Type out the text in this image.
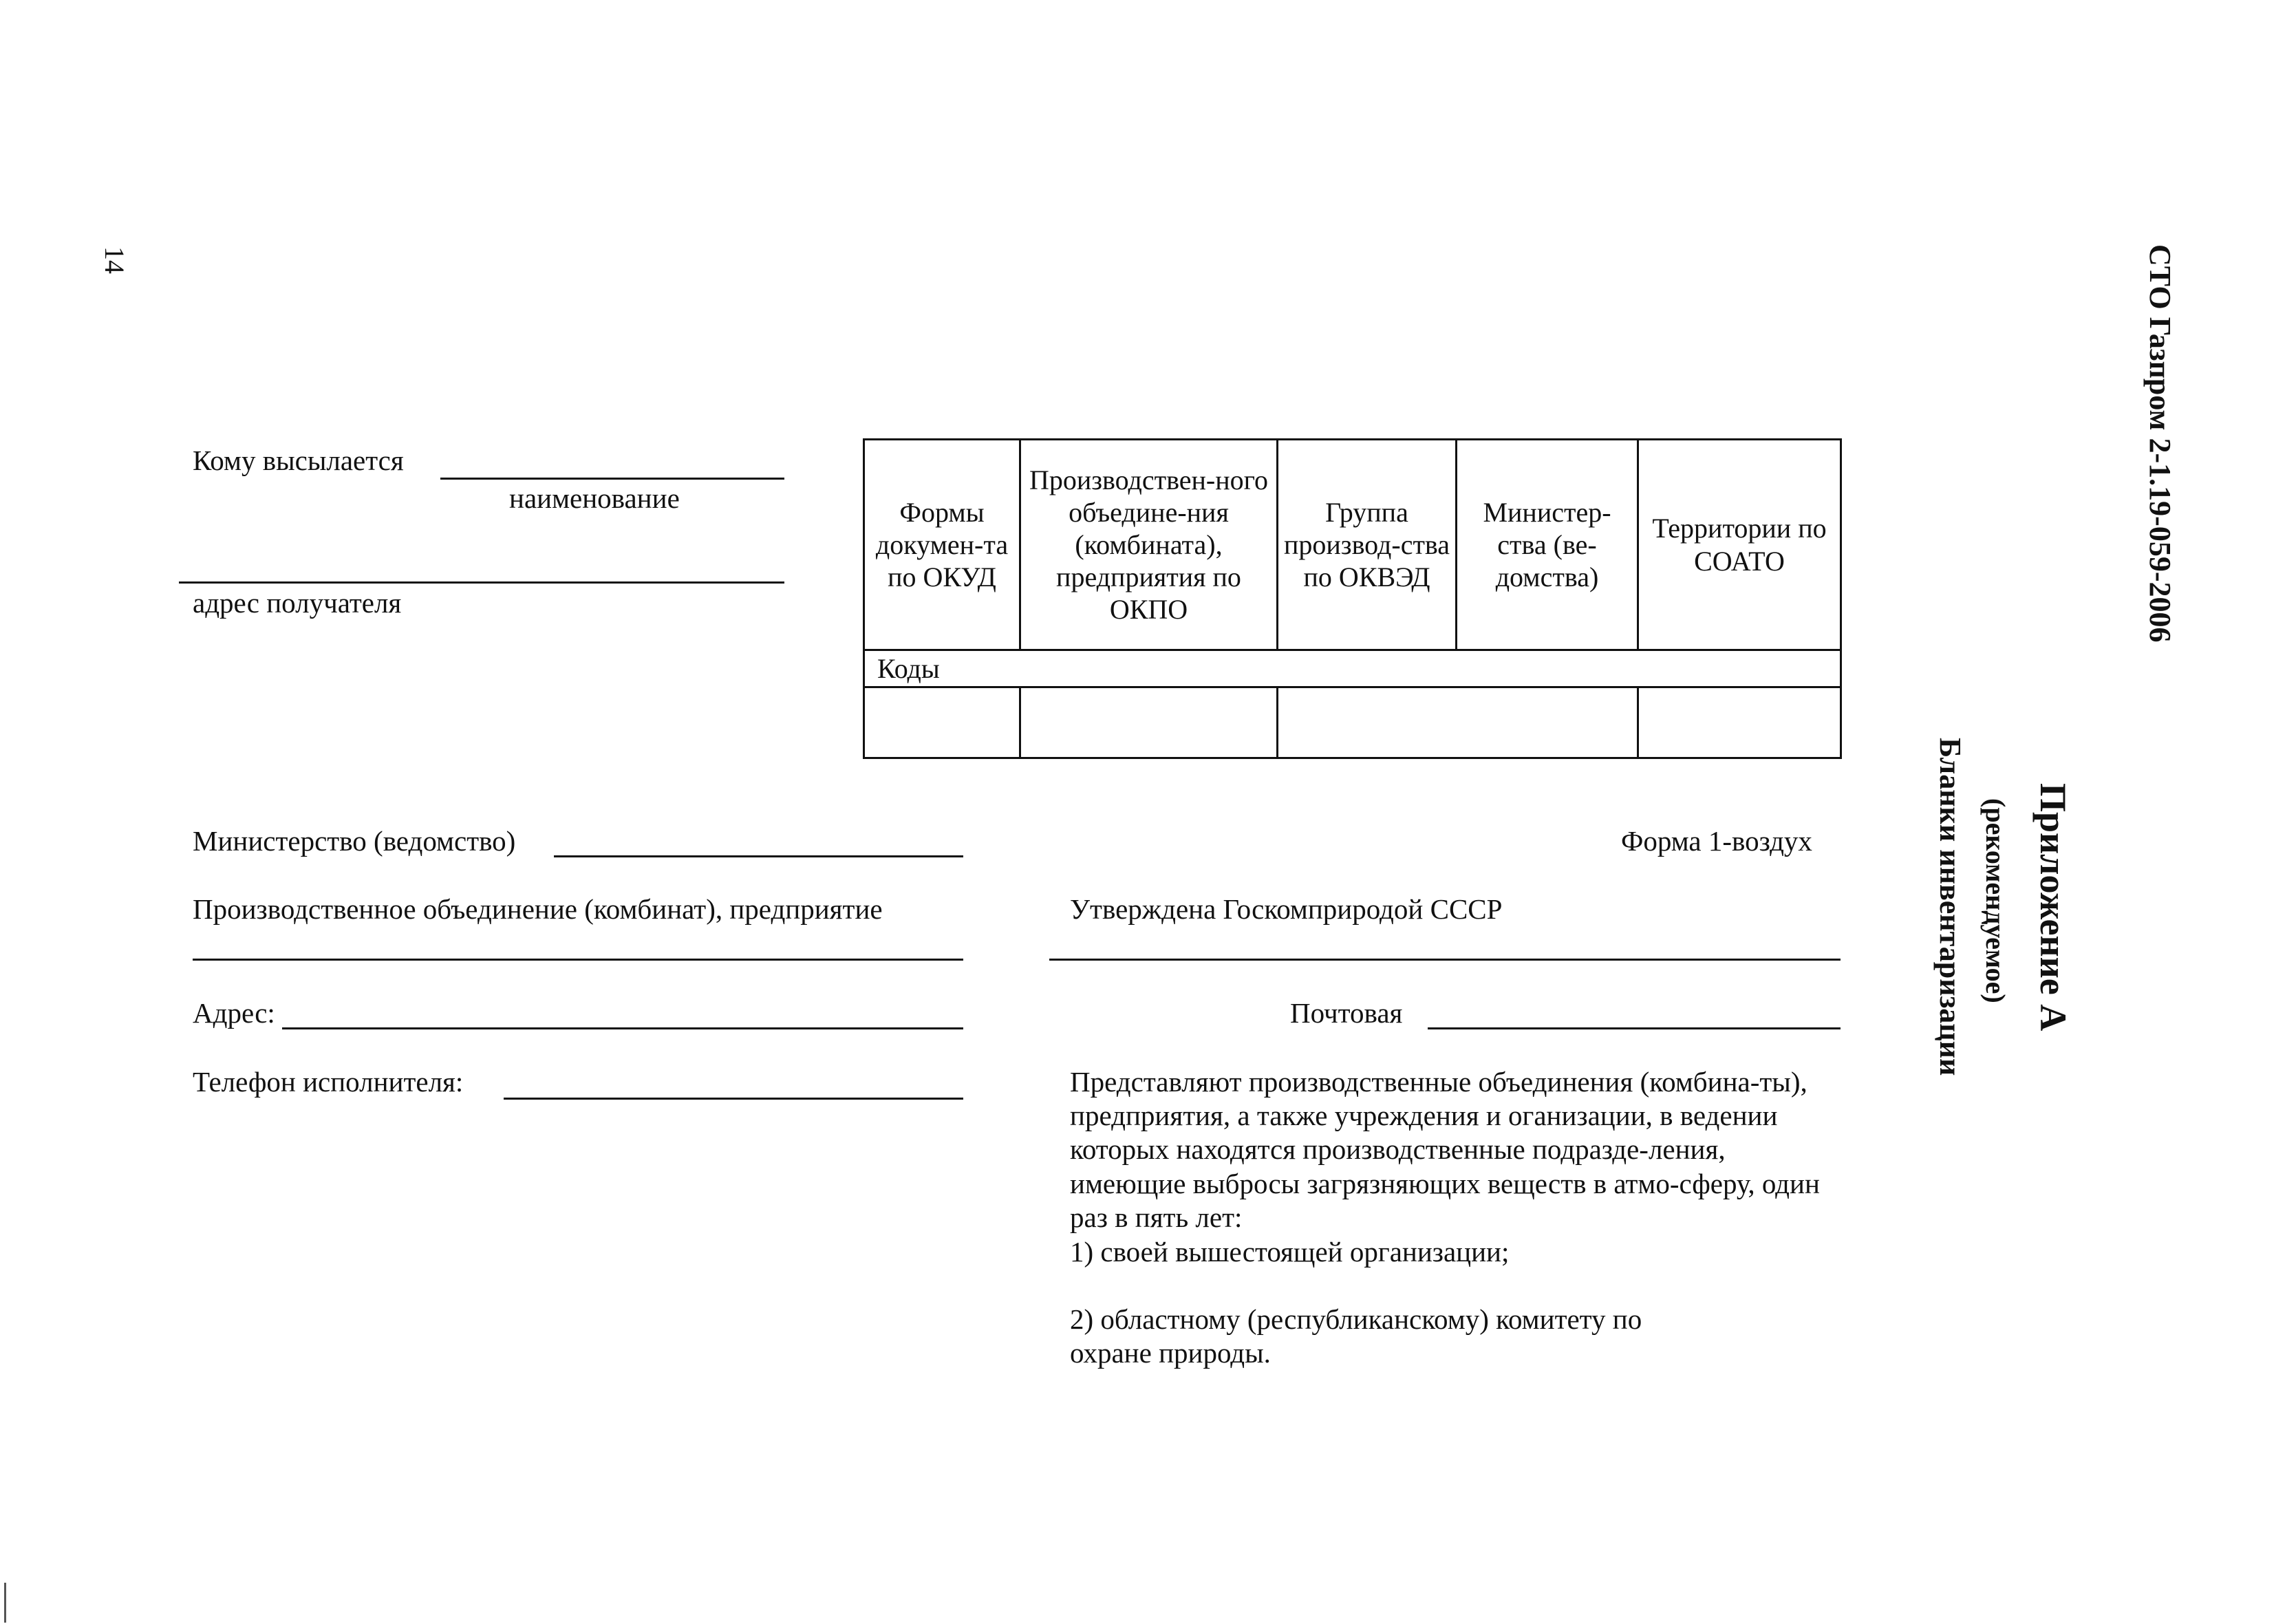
14	СТО Газпром 2-1.19-059-2006
Приложение А
(рекомендуемое)
Бланки инвентаризации
Кому высылается
наименование
адрес получателя
Формы докумен-та по ОКУД	Производствен-ного объедине-ния (комбината), предприятия по ОКПО	Группа производ-ства по ОКВЭД	Министер-ства (ве-домства)	Территории по СОАТО
Коды				

Министерство (ведомство)
Производственное объединение (комбинат), предприятие
Адрес:
Телефон исполнителя:
Форма 1-воздух
Утверждена Госкомприродой СССР
Почтовая
Представляют производственные объединения (комбина-ты), предприятия, а также учреждения и оганизации, в ведении которых находятся производственные подразде-ления, имеющие выбросы загрязняющих веществ в атмо-сферу, один раз в пять лет:
1) своей вышестоящей организации;
2) областному (республиканскому) комитету по охране природы.
